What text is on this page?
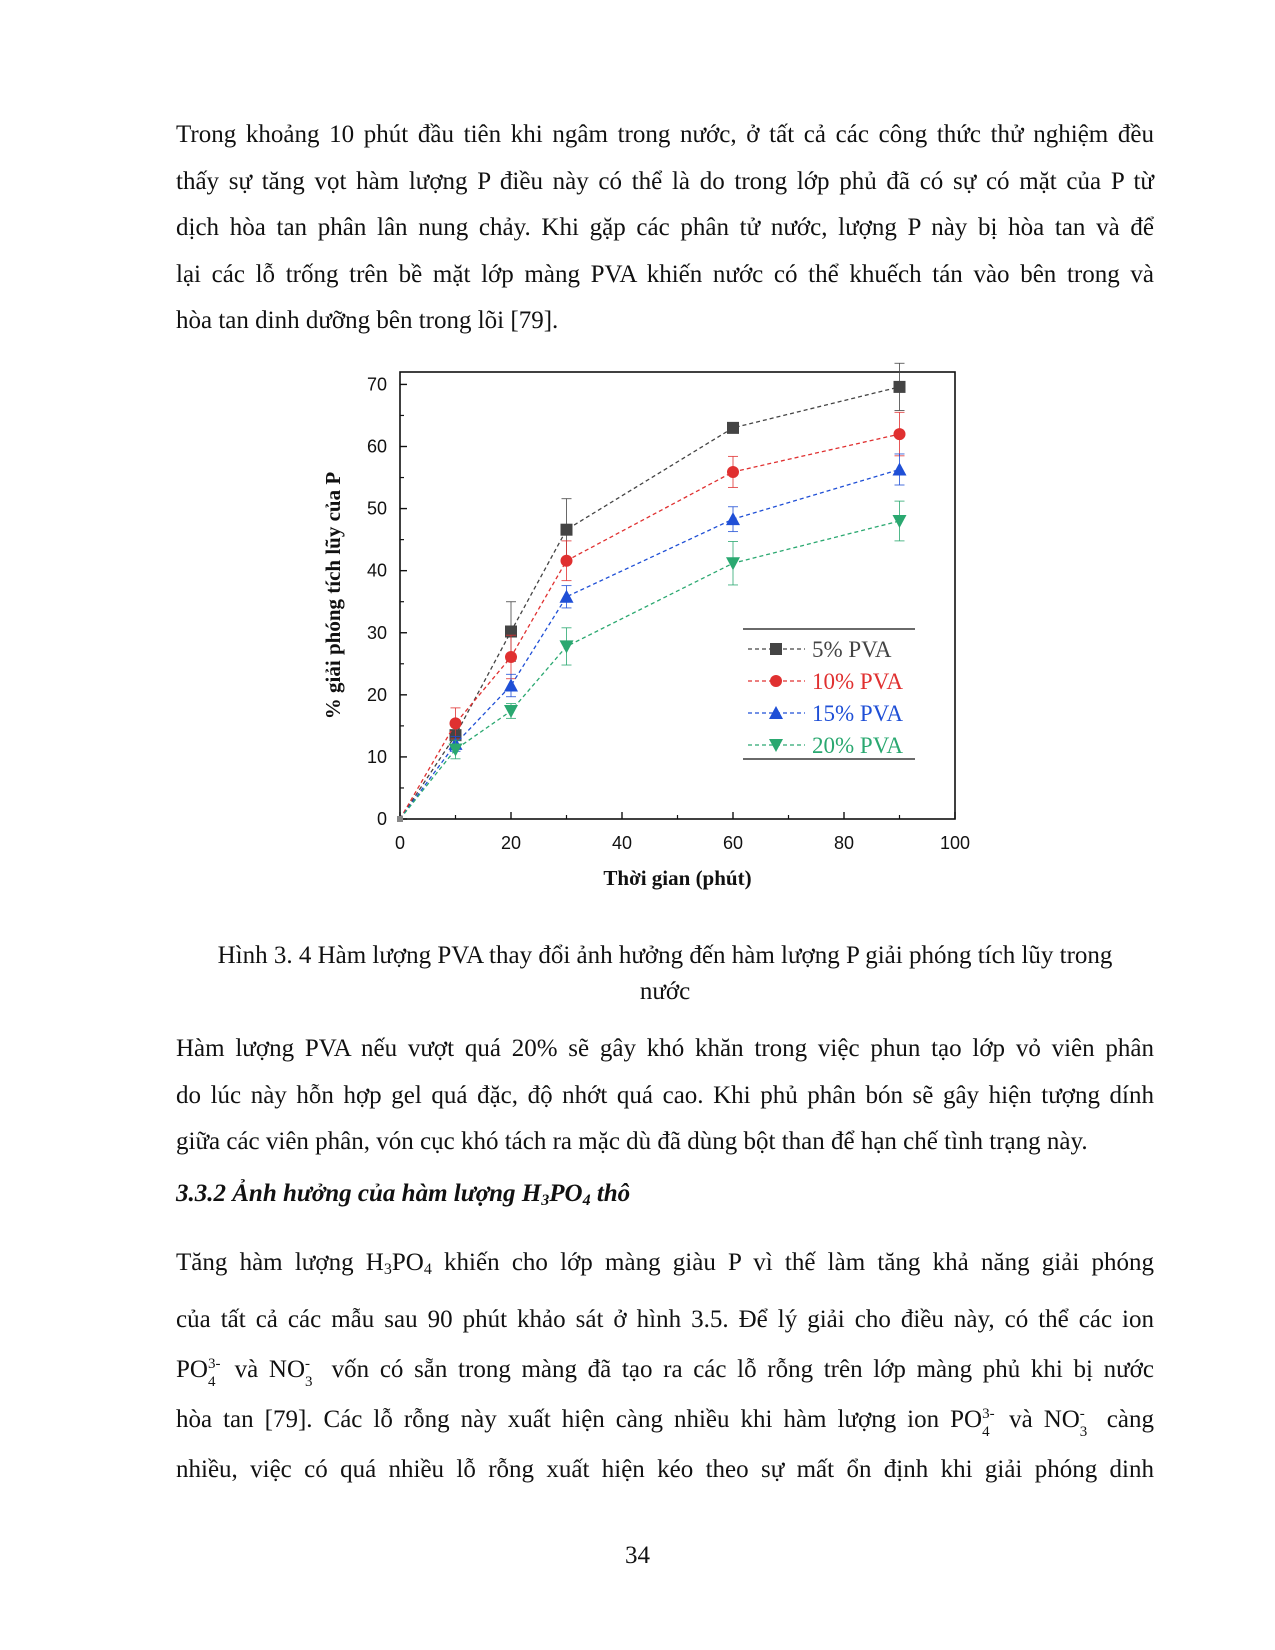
Trong khoảng 10 phút đầu tiên khi ngâm trong nước, ở tất cả các công thức thử nghiệm đều
thấy sự tăng vọt hàm lượng P điều này có thể là do trong lớp phủ đã có sự có mặt của P từ
dịch hòa tan phân lân nung chảy. Khi gặp các phân tử nước, lượng P này bị hòa tan và để
lại các lỗ trống trên bề mặt lớp màng PVA khiến nước có thể khuếch tán vào bên trong và
hòa tan dinh dưỡng bên trong lõi [79].
0	20	40	60	80	100
0
10
20
30
40
50
60
70
Thời gian (phút)
% giải phóng tích lũy của P	5% PVA
10% PVA
15% PVA
20% PVA
Hình 3. 4 Hàm lượng PVA thay đổi ảnh hưởng đến hàm lượng P giải phóng tích lũy trong
nước
Hàm lượng PVA nếu vượt quá 20% sẽ gây khó khăn trong việc phun tạo lớp vỏ viên phân
do lúc này hỗn hợp gel quá đặc, độ nhớt quá cao. Khi phủ phân bón sẽ gây hiện tượng dính
giữa các viên phân, vón cục khó tách ra mặc dù đã dùng bột than để hạn chế tình trạng này.
3.3.2 Ảnh hưởng của hàm lượng $H_3PO_4$ thô
Tăng hàm lượng $H_3PO_4$ khiến cho lớp màng giàu P vì thế làm tăng khả năng giải phóng
của tất cả các mẫu sau 90 phút khảo sát ở hình 3.5. Để lý giải cho điều này, có thể các ion
PO 3-
4 và NO -
3 vốn có sẵn trong màng đã tạo ra các lỗ rỗng trên lớp màng phủ khi bị nước
hòa tan [79]. Các lỗ rỗng này xuất hiện càng nhiều khi hàm lượng ion PO 3-
4 và NO -
3 càng
nhiều, việc có quá nhiều lỗ rỗng xuất hiện kéo theo sự mất ổn định khi giải phóng dinh
34
